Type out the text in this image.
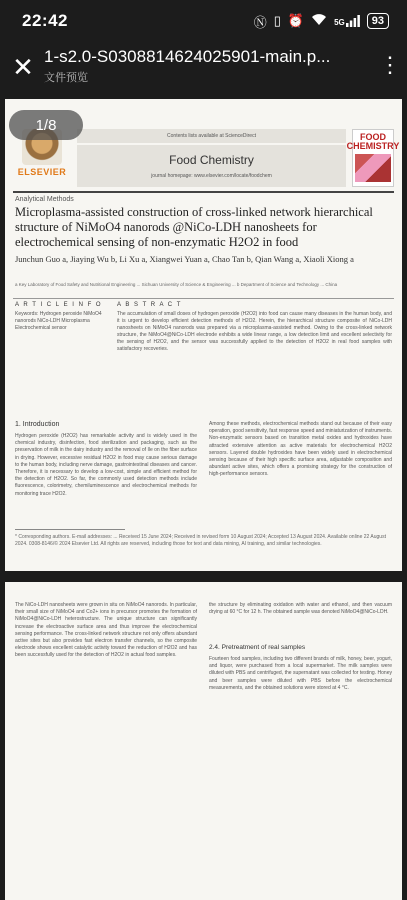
22:42	Ⓝ ▯ ⏰	5G	93
✕ 1-s2.0-S0308814624025901-main.p...
文件预览
⋮
1/8
ELSEVIER
Contents lists available at ScienceDirect
Food Chemistry
journal homepage: www.elsevier.com/locate/foodchem
FOOD CHEMISTRY
Analytical Methods
Microplasma-assisted construction of cross-linked network hierarchical structure of NiMoO4 nanorods @NiCo-LDH nanosheets for electrochemical sensing of non-enzymatic H2O2 in food
Junchun Guo a, Jiaying Wu b, Li Xu a, Xiangwei Yuan a, Chao Tan b, Qian Wang a, Xiaoli Xiong a
a Key Laboratory of Food Safety and Nutritional Engineering ... Sichuan University of Science & Engineering ... b Department of Science and Technology ... China
A R T I C L E I N F O A B S T R A C T
Keywords: Hydrogen peroxide NiMoO4 nanorods NiCo-LDH Microplasma Electrochemical sensor
The accumulation of small doses of hydrogen peroxide (H2O2) into food can cause many diseases in the human body, and it is urgent to develop efficient detection methods of H2O2. Herein, the hierarchical structure composite of NiCo-LDH nanosheets on NiMoO4 nanorods was prepared via a microplasma-assisted method. Owing to the cross-linked network structure, the NiMoO4@NiCo-LDH electrode exhibits a wide linear range, a low detection limit and excellent selectivity for the sensing of H2O2, and the sensor was successfully applied to the detection of H2O2 in real food samples with satisfactory recoveries.
1. Introduction
Hydrogen peroxide (H2O2) has remarkable activity and is widely used in the chemical industry, disinfection, food sterilization and packaging, such as the preservation of milk in the dairy industry and the removal of Ile on the fiber surface in drying. However, excessive residual H2O2 in food may cause serious damage to the human body, including nerve damage, gastrointestinal diseases and cancer. Therefore, it is necessary to develop a low-cost, simple and efficient method for the detection of H2O2. So far, the commonly used detection methods include fluorescence, colorimetry, chemiluminescence and electrochemical methods for monitoring trace H2O2.
Among these methods, electrochemical methods stand out because of their easy operation, good sensitivity, fast response speed and miniaturization of instruments. Non-enzymatic sensors based on transition metal oxides and hydroxides have attracted extensive attention as active materials for electrochemical H2O2 sensors. Layered double hydroxides have been widely used in electrochemical sensing because of their high specific surface area, adjustable composition and abundant active sites, which offers a promising strategy for the construction of high-performance sensors.
* Corresponding authors. E-mail addresses: ... Received 15 June 2024; Received in revised form 10 August 2024; Accepted 13 August 2024. Available online 22 August 2024. 0308-8146/© 2024 Elsevier Ltd. All rights are reserved, including those for text and data mining, AI training, and similar technologies.
The NiCo-LDH nanosheets were grown in situ on NiMoO4 nanorods. In particular, their small size of NiMoO4 and Co2+ ions in precursor promotes the formation of NiMoO4@NiCo-LDH heterostructure. The unique structure can significantly increase the electroactive surface area and thus improve the electrochemical sensing performance. The cross-linked network structure not only offers abundant active sites but also provides fast electron transfer channels, so the composite electrode shows excellent catalytic activity toward the reduction of H2O2 and has been successfully used for the detection of H2O2 in actual food samples.
the structure by eliminating oxidation with water and ethanol, and then vacuum drying at 60 °C for 12 h. The obtained sample was denoted NiMoO4@NiCo-LDH.
2.4. Pretreatment of real samples
Fourteen food samples, including two different brands of milk, honey, beer, yogurt, and liquor, were purchased from a local supermarket. The milk samples were diluted with PBS and centrifuged, the supernatant was collected for testing. Honey and beer samples were diluted with PBS before the electrochemical measurements, and the obtained solutions were stored at 4 °C.
